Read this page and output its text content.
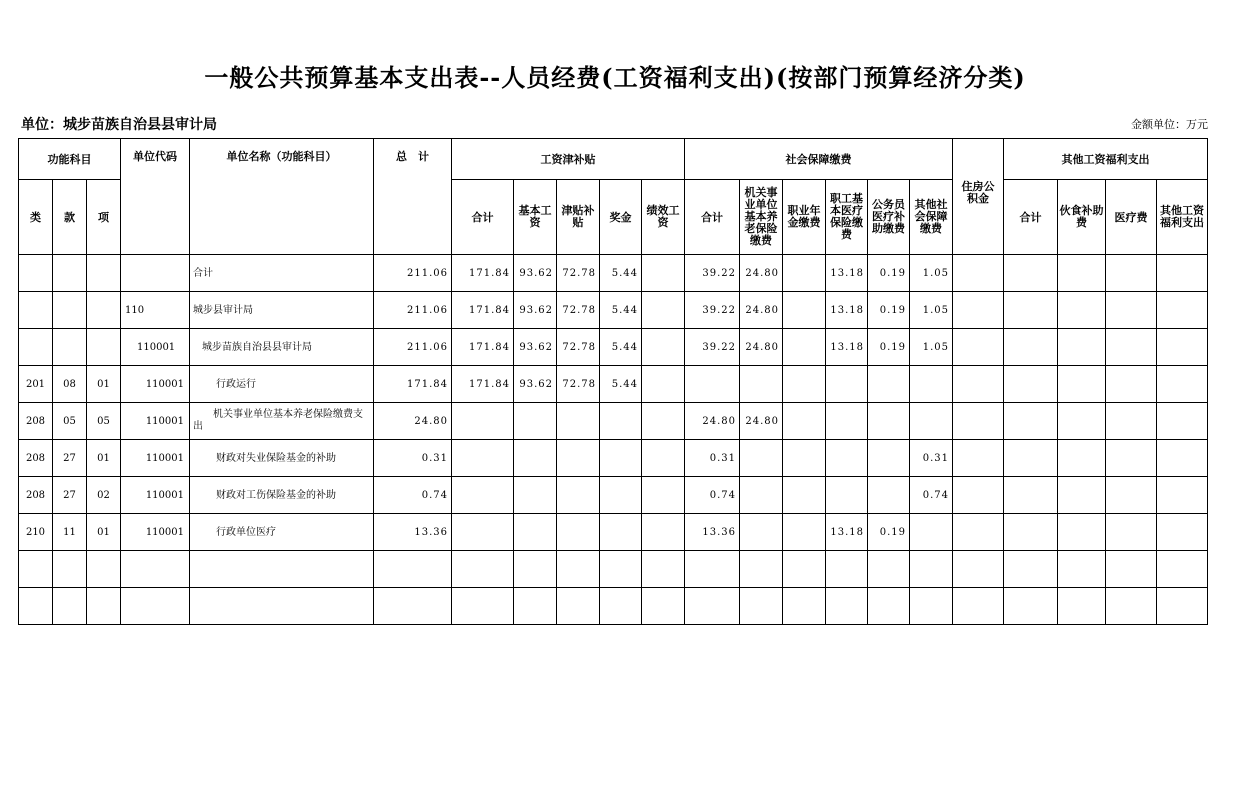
一般公共预算基本支出表--人员经费(工资福利支出)(按部门预算经济分类)
单位：城步苗族自治县县审计局	金额单位：万元
功能科目			单位代码	单位名称（功能科目）	总　计	工资津补贴					社会保障缴费						住房公积金	其他工资福利支出			
类	款	项				合计	基本工资	津贴补贴	奖金	绩效工资	合计	机关事业单位基本养老保险缴费	职业年金缴费	职工基本医疗保险缴费	公务员医疗补助缴费	其他社会保障缴费		合计	伙食补助费	医疗费	其他工资福利支出
				合计	211.06	171.84	93.62	72.78	5.44		39.22	24.80		13.18	0.19	1.05					
			110	城步县审计局	211.06	171.84	93.62	72.78	5.44		39.22	24.80		13.18	0.19	1.05					
			110001	城步苗族自治县县审计局	211.06	171.84	93.62	72.78	5.44		39.22	24.80		13.18	0.19	1.05					
201	08	01	110001	行政运行	171.84	171.84	93.62	72.78	5.44												
208	05	05	110001	机关事业单位基本养老保险缴费支出	24.80						24.80	24.80									
208	27	01	110001	财政对失业保险基金的补助	0.31						0.31					0.31					
208	27	02	110001	财政对工伤保险基金的补助	0.74						0.74					0.74					
210	11	01	110001	行政单位医疗	13.36						13.36			13.18	0.19						
